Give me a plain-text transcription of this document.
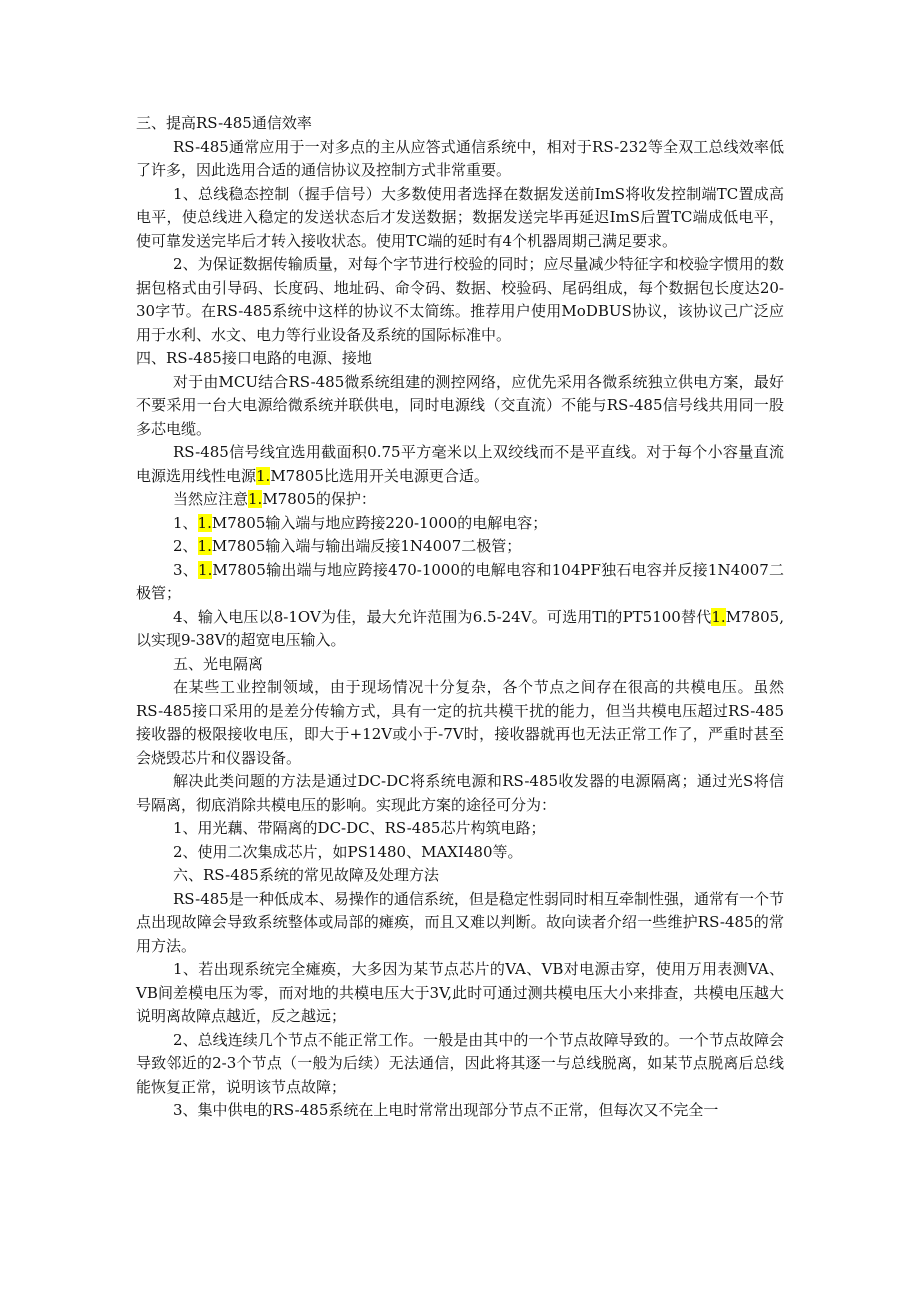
三、提高RS-485通信效率

RS-485通常应用于一对多点的主从应答式通信系统中，相对于RS-232等全双工总线效率低了许多，因此选用合适的通信协议及控制方式非常重要。

1、总线稳态控制（握手信号）大多数使用者选择在数据发送前ImS将收发控制端TC置成高电平，使总线进入稳定的发送状态后才发送数据；数据发送完毕再延迟ImS后置TC端成低电平，使可靠发送完毕后才转入接收状态。使用TC端的延时有4个机器周期己满足要求。

2、为保证数据传输质量，对每个字节进行校验的同时；应尽量减少特征字和校验字惯用的数据包格式由引导码、长度码、地址码、命令码、数据、校验码、尾码组成，每个数据包长度达20-30字节。在RS-485系统中这样的协议不太简练。推荐用户使用MoDBUS协议，该协议己广泛应用于水利、水文、电力等行业设备及系统的国际标准中。

四、RS-485接口电路的电源、接地

对于由MCU结合RS-485微系统组建的测控网络，应优先采用各微系统独立供电方案，最好不要采用一台大电源给微系统并联供电，同时电源线（交直流）不能与RS-485信号线共用同一股多芯电缆。

RS-485信号线宜选用截面积0.75平方毫米以上双绞线而不是平直线。对于每个小容量直流电源选用线性电源1.M7805比选用开关电源更合适。

当然应注意1.M7805的保护：

1、1.M7805输入端与地应跨接220-1000的电解电容；

2、1.M7805输入端与输出端反接1N4007二极管；

3、1.M7805输出端与地应跨接470-1000的电解电容和104PF独石电容并反接1N4007二极管；

4、输入电压以8-1OV为佳，最大允许范围为6.5-24V。可选用Tl的PT5100替代1.M7805,以实现9-38V的超宽电压输入。

五、光电隔离

在某些工业控制领域，由于现场情况十分复杂，各个节点之间存在很高的共模电压。虽然RS-485接口采用的是差分传输方式，具有一定的抗共模干扰的能力，但当共模电压超过RS-485接收器的极限接收电压，即大于+12V或小于-7V时，接收器就再也无法正常工作了，严重时甚至会烧毁芯片和仪器设备。

解决此类问题的方法是通过DC-DC将系统电源和RS-485收发器的电源隔离；通过光S将信号隔离，彻底消除共模电压的影响。实现此方案的途径可分为：

1、用光藕、带隔离的DC-DC、RS-485芯片构筑电路；

2、使用二次集成芯片，如PS1480、MAXI480等。

六、RS-485系统的常见故障及处理方法

RS-485是一种低成本、易操作的通信系统，但是稳定性弱同时相互牵制性强，通常有一个节点出现故障会导致系统整体或局部的瘫痪，而且又难以判断。故向读者介绍一些维护RS-485的常用方法。

1、若出现系统完全瘫痪，大多因为某节点芯片的VA、VB对电源击穿，使用万用表测VA、VB间差模电压为零，而对地的共模电压大于3V,此时可通过测共模电压大小来排查，共模电压越大说明离故障点越近，反之越远；

2、总线连续几个节点不能正常工作。一般是由其中的一个节点故障导致的。一个节点故障会导致邻近的2-3个节点（一般为后续）无法通信，因此将其逐一与总线脱离，如某节点脱离后总线能恢复正常，说明该节点故障；

3、集中供电的RS-485系统在上电时常常出现部分节点不正常，但每次又不完全一
